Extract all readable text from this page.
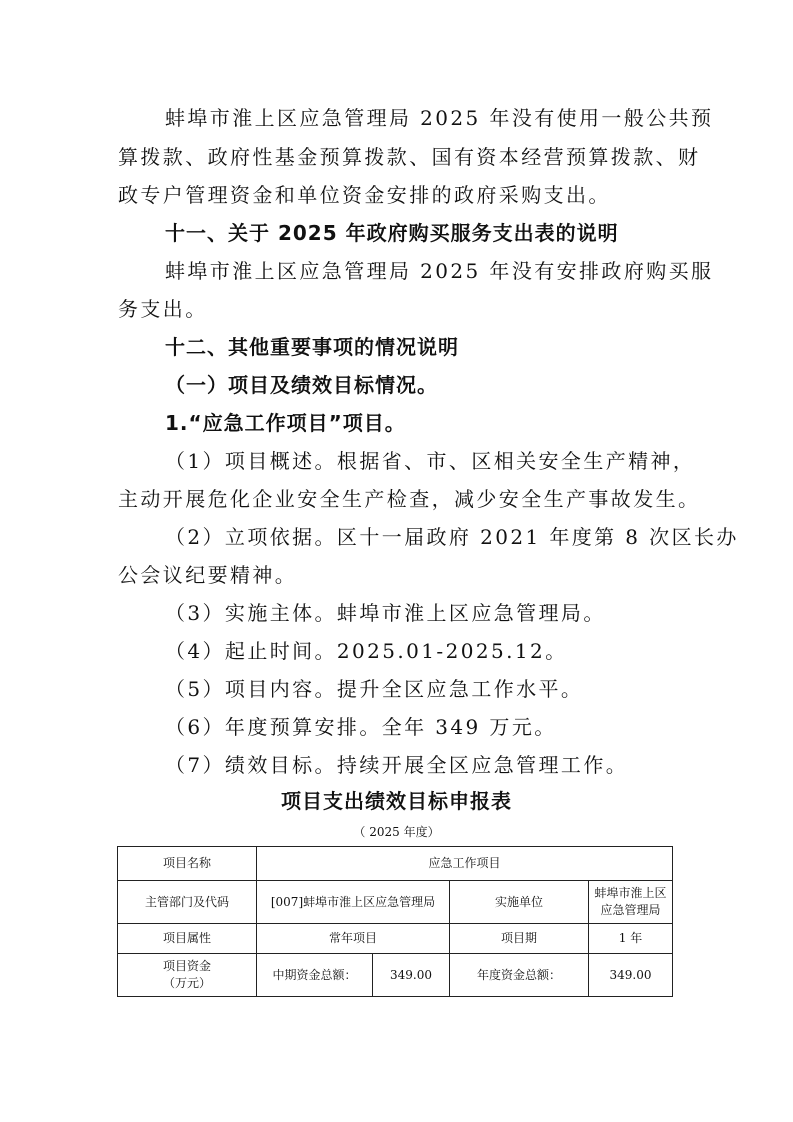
蚌埠市淮上区应急管理局 2025 年没有使用一般公共预
算拨款、政府性基金预算拨款、国有资本经营预算拨款、财
政专户管理资金和单位资金安排的政府采购支出。
十一、关于 2025 年政府购买服务支出表的说明
蚌埠市淮上区应急管理局 2025 年没有安排政府购买服
务支出。
十二、其他重要事项的情况说明
（一）项目及绩效目标情况。
1.“应急工作项目”项目。
（1）项目概述。根据省、市、区相关安全生产精神，
主动开展危化企业安全生产检查，减少安全生产事故发生。
（2）立项依据。区十一届政府 2021 年度第 8 次区长办
公会议纪要精神。
（3）实施主体。蚌埠市淮上区应急管理局。
（4）起止时间。2025.01-2025.12。
（5）项目内容。提升全区应急工作水平。
（6）年度预算安排。全年 349 万元。
（7）绩效目标。持续开展全区应急管理工作。
项目支出绩效目标申报表
（ 2025 年度）
项目名称	应急工作项目			
主管部门及代码	[007]蚌埠市淮上区应急管理局		实施单位	蚌埠市淮上区
应急管理局

项目属性	常年项目		项目期	1 年

项目资金
（万元）	中期资金总额：	349.00	年度资金总额：	349.00
